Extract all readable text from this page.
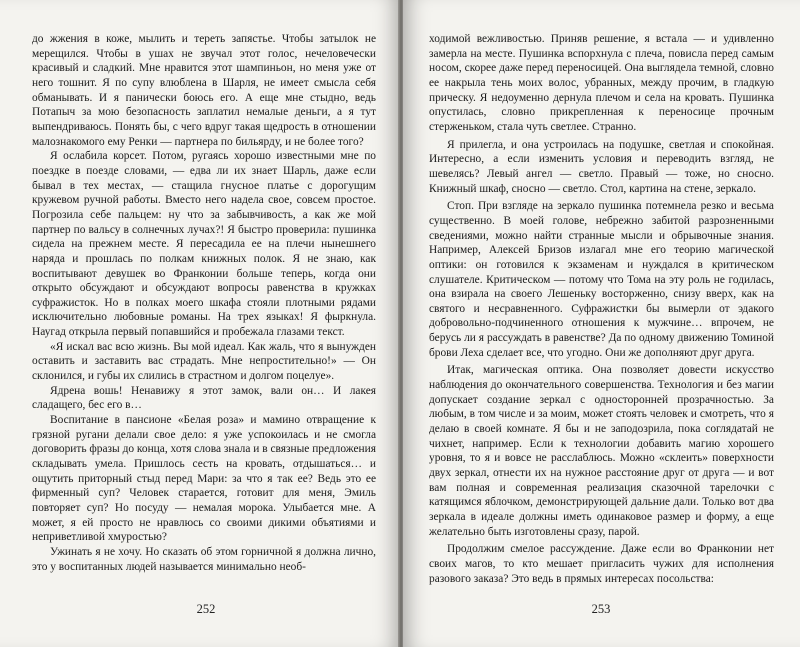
до жжения в коже, мылить и тереть запястье. Чтобы затылок не мерещился. Чтобы в ушах не звучал этот голос, нечеловечески красивый и сладкий. Мне нравится этот шампиньон, но меня уже от него тошнит. Я по супу влюблена в Шарля, не имеет смысла себя обманывать. И я панически боюсь его. А еще мне стыдно, ведь Потапыч за мою безопасность заплатил немалые деньги, а я тут выпендриваюсь. Понять бы, с чего вдруг такая щедрость в отношении малознакомого ему Ренки — партнера по бильярду, и не более того?

Я ослабила корсет. Потом, ругаясь хорошо известными мне по поездке в поезде словами, — едва ли их знает Шарль, даже если бывал в тех местах, — стащила гнусное платье с дорогущим кружевом ручной работы. Вместо него надела свое, совсем простое. Погрозила себе пальцем: ну что за забывчивость, а как же мой партнер по вальсу в солнечных лучах?! Я быстро проверила: пушинка сидела на прежнем месте. Я пересадила ее на плечи нынешнего наряда и прошлась по полкам книжных полок. Я не знаю, как воспитывают девушек во Франконии больше теперь, когда они открыто обсуждают и обсуждают вопросы равенства в кружках суфражисток. Но в полках моего шкафа стояли плотными рядами исключительно любовные романы. На трех языках! Я фыркнула. Наугад открыла первый попавшийся и пробежала глазами текст.

«Я искал вас всю жизнь. Вы мой идеал. Как жаль, что я вынужден оставить и заставить вас страдать. Мне непростительно!» — Он склонился, и губы их слились в страстном и долгом поцелуе».

Ядрена вошь! Ненавижу я этот замок, вали он… И лакея сладащего, бес его в…

Воспитание в пансионе «Белая роза» и мамино отвращение к грязной ругани делали свое дело: я уже успокоилась и не смогла договорить фразы до конца, хотя слова знала и в связные предложения складывать умела. Пришлось сесть на кровать, отдышаться… и ощутить приторный стыд перед Мари: за что я так ее? Ведь это ее фирменный суп? Человек старается, готовит для меня, Эмиль повторяет суп? Но посуду — немалая морока. Улыбается мне. А может, я ей просто не нравлюсь со своими дикими объятиями и неприветливой хмуростью?

Ужинать я не хочу. Но сказать об этом горничной я должна лично, это у воспитанных людей называется минимально необ-

252

ходимой вежливостью. Приняв решение, я встала — и удивленно замерла на месте. Пушинка вспорхнула с плеча, повисла перед самым носом, скорее даже перед переносицей. Она выглядела темной, словно ее накрыла тень моих волос, убранных, между прочим, в гладкую прическу. Я недоуменно дернула плечом и села на кровать. Пушинка опустилась, словно прикрепленная к переносице прочным стерженьком, стала чуть светлее. Странно.

Я прилегла, и она устроилась на подушке, светлая и спокойная. Интересно, а если изменить условия и переводить взгляд, не шевелясь? Левый ангел — светло. Правый — тоже, но сносно. Книжный шкаф, сносно — светло. Стол, картина на стене, зеркало.

Стоп. При взгляде на зеркало пушинка потемнела резко и весьма существенно. В моей голове, небрежно забитой разрозненными сведениями, можно найти странные мысли и обрывочные знания. Например, Алексей Бризов излагал мне его теорию магической оптики: он готовился к экзаменам и нуждался в критическом слушателе. Критическом — потому что Тома на эту роль не годилась, она взирала на своего Лешеньку восторженно, снизу вверх, как на святого и несравненного. Суфражистки бы вымерли от эдакого добровольно-подчиненного отношения к мужчине… впрочем, не берусь ли я рассуждать в равенстве? Да по одному движению Томиной брови Леха сделает все, что угодно. Они же дополняют друг друга.

Итак, магическая оптика. Она позволяет довести искусство наблюдения до окончательного совершенства. Технология и без магии допускает создание зеркал с односторонней прозрачностью. За любым, в том числе и за моим, может стоять человек и смотреть, что я делаю в своей комнате. Я бы и не заподозрила, пока соглядатай не чихнет, например. Если к технологии добавить магию хорошего уровня, то я и вовсе не расслаблюсь. Можно «склеить» поверхности двух зеркал, отнести их на нужное расстояние друг от друга — и вот вам полная и современная реализация сказочной тарелочки с катящимся яблочком, демонстрирующей дальние дали. Только вот два зеркала в идеале должны иметь одинаковое размер и форму, а еще желательно быть изготовлены сразу, парой.

Продолжим смелое рассуждение. Даже если во Франконии нет своих магов, то кто мешает пригласить чужих для исполнения разового заказа? Это ведь в прямых интересах посольства:

253
